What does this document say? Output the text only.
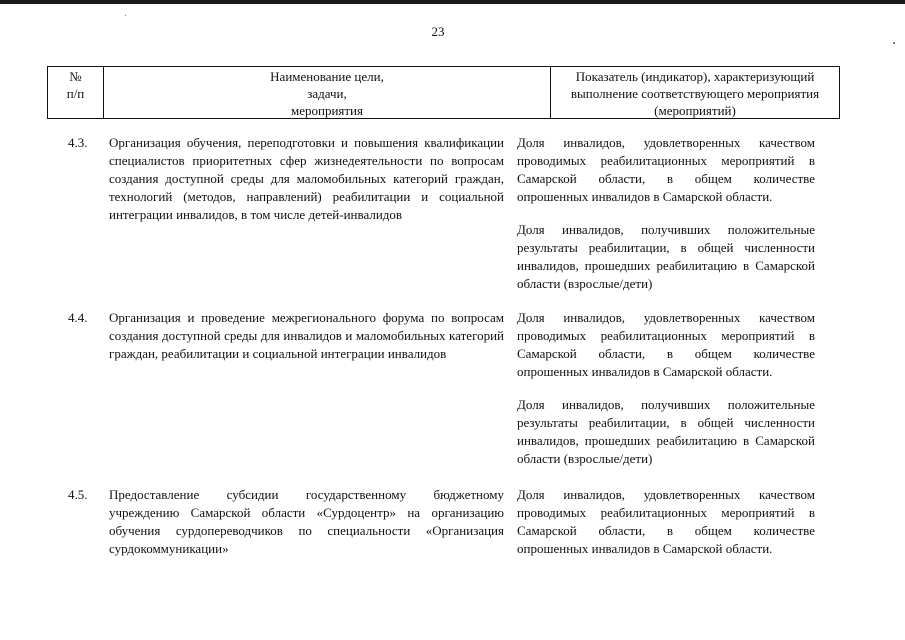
23
№
п/п
Наименование цели,
задачи,
мероприятия
Показатель (индикатор), характеризующий
выполнение соответствующего мероприятия
(мероприятий)
4.3. Организация обучения, переподготовки и повышения квалификации специалистов приоритетных сфер жизнедеятельности по вопросам создания доступной среды для маломобильных категорий граждан, технологий (методов, направлений) реабилитации и социальной интеграции инвалидов, в том числе детей-инвалидов

Доля инвалидов, удовлетворенных качеством проводимых реабилитационных мероприятий в Самарской области, в общем количестве опрошенных инвалидов в Самарской области.

Доля инвалидов, получивших положительные результаты реабилитации, в общей численности инвалидов, прошедших реабилитацию в Самарской области (взрослые/дети)

4.4. Организация и проведение межрегионального форума по вопросам создания доступной среды для инвалидов и маломобильных категорий граждан, реабилитации и социальной интеграции инвалидов

Доля инвалидов, удовлетворенных качеством проводимых реабилитационных мероприятий в Самарской области, в общем количестве опрошенных инвалидов в Самарской области.

Доля инвалидов, получивших положительные результаты реабилитации, в общей численности инвалидов, прошедших реабилитацию в Самарской области (взрослые/дети)

4.5. Предоставление субсидии государственному бюджетному учреждению Самарской области «Сурдоцентр» на организацию обучения сурдопереводчиков по специальности «Организация сурдокоммуникации»

Доля инвалидов, удовлетворенных качеством проводимых реабилитационных мероприятий в Самарской области, в общем количестве опрошенных инвалидов в Самарской области.
